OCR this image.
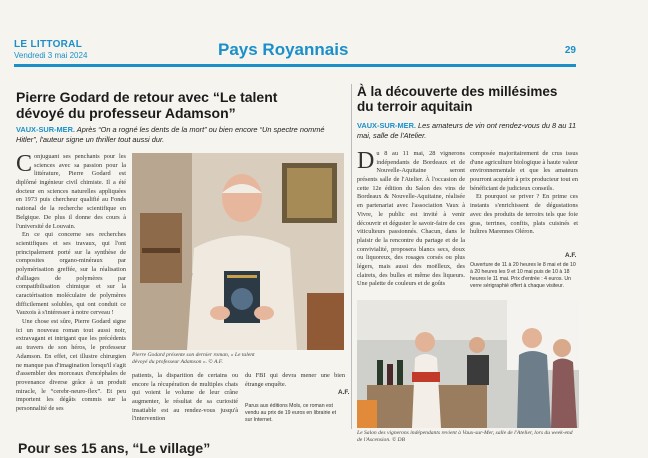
LE LITTORAL
Vendredi 3 mai 2024	Pays Royannais	29
Pierre Godard de retour avec “Le talent
dévoyé du professeur Adamson”
VAUX-SUR-MER. Après “On a rogné les dents de la mort” ou bien encore “Un spectre nommé Hitler”, l'auteur signe un thriller tout aussi dur.

Conjuguant ses penchants pour les sciences avec sa passion pour la littérature, Pierre Godard est diplômé ingénieur civil chimiste. Il a été docteur en sciences naturelles appliquées en 1973 puis chercheur qualifié au Fonds national de la recherche scientifique en Belgique. De plus il donne des cours à l'université de Louvain.

En ce qui concerne ses recherches scientifiques et ses travaux, qui l'ont principalement porté sur la synthèse de composites organo-minéraux par polymérisation greffée, sur la réalisation d'alliages de polymères par compatibilisation chimique et sur la caractérisation moléculaire de polymères difficilement solubles, qui ont conduit ce Vauxois à s'intéresser à notre cerveau !

Une chose est sûre, Pierre Godard signe ici un nouveau roman tout aussi noir, extravagant et intrigant que les précédents au travers de son héros, le professeur Adamson. En effet, cet illustre chirurgien ne manque pas d'imagination lorsqu'il s'agit d'assembler des morceaux d'encéphales de provenance diverse grâce à un produit miracle, le “cerebr-neuro-flex”. Et peu importent les dégâts commis sur la personnalité de ses

Pierre Godard présente son dernier roman, « Le talent dévoyé du professeur Adamson ». © A.F.

patients, la disparition de certains ou encore la récupération de multiples chats qui voient le volume de leur crâne augmenter, le résultat de sa curiosité insatiable est au rendez-vous jusqu'à l'intervention

du FBI qui devra mener une bien étrange enquête.

A.F.
Parus aux éditions Mols, ce roman est vendu au prix de 19 euros en librairie et sur Internet.
À la découverte des millésimes
du terroir aquitain
VAUX-SUR-MER. Les amateurs de vin ont rendez-vous du 8 au 11 mai, salle de l'Atelier.

Du 8 au 11 mai, 28 vignerons indépendants de Bordeaux et de Nouvelle-Aquitaine seront présents salle de l'Atelier. À l'occasion de cette 12e édition du Salon des vins de Bordeaux & Nouvelle-Aquitaine, réalisée en partenariat avec l'association Vaux à Vivre, le public est invité à venir découvrir et déguster le savoir-faire de ces viticulteurs passionnés. Chacun, dans le plaisir de la rencontre du partage et de la convivialité, proposera blancs secs, doux ou liquoreux, des rosages corsés ou plus légers, mais aussi des moëlleux, des clairets, des bulles et même des liqueurs. Une palette de couleurs et de goûts

composée majoritairement de crus issus d'une agriculture biologique à haute valeur environnementale et que les amateurs pourront acquérir à prix producteur tout en bénéficiant de judicieux conseils.

Et pourquoi se priver ? En prime ces instants s'enrichissent de dégustations avec des produits de terroirs tels que foie gras, terrines, confits, plats cuisinés et huîtres Marennes Oléron.

A.F.
Ouverture de 11 à 20 heures le 8 mai et de 10 à 20 heures les 9 et 10 mai puis de 10 à 18 heures le 11 mai. Prix d'entrée : 4 euros. Un verre sérigraphié offert à chaque visiteur.
Le Salon des vignerons indépendants revient à Vaux-sur-Mer, salle de l'Atelier, lors du week-end de l'Ascension. © DB
Pour ses 15 ans, “Le village”
